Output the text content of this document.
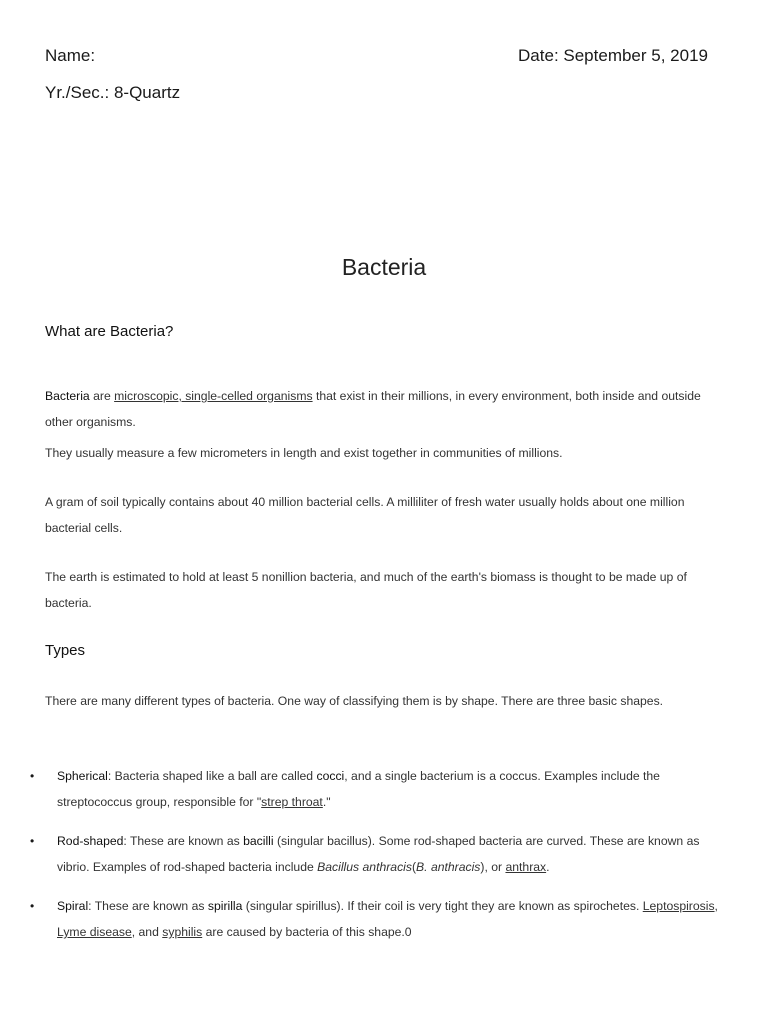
Name:	Date: September 5, 2019
Yr./Sec.: 8-Quartz
Bacteria
What are Bacteria?
Bacteria are microscopic, single-celled organisms that exist in their millions, in every environment, both inside and outside other organisms.
They usually measure a few micrometers in length and exist together in communities of millions.
A gram of soil typically contains about 40 million bacterial cells. A milliliter of fresh water usually holds about one million bacterial cells.
The earth is estimated to hold at least 5 nonillion bacteria, and much of the earth's biomass is thought to be made up of bacteria.
Types
There are many different types of bacteria. One way of classifying them is by shape. There are three basic shapes.
• Spherical: Bacteria shaped like a ball are called cocci, and a single bacterium is a coccus. Examples include the streptococcus group, responsible for "strep throat."
• Rod-shaped: These are known as bacilli (singular bacillus). Some rod-shaped bacteria are curved. These are known as vibrio. Examples of rod-shaped bacteria include Bacillus anthracis(B. anthracis), or anthrax.
• Spiral: These are known as spirilla (singular spirillus). If their coil is very tight they are known as spirochetes. Leptospirosis, Lyme disease, and syphilis are caused by bacteria of this shape.0
